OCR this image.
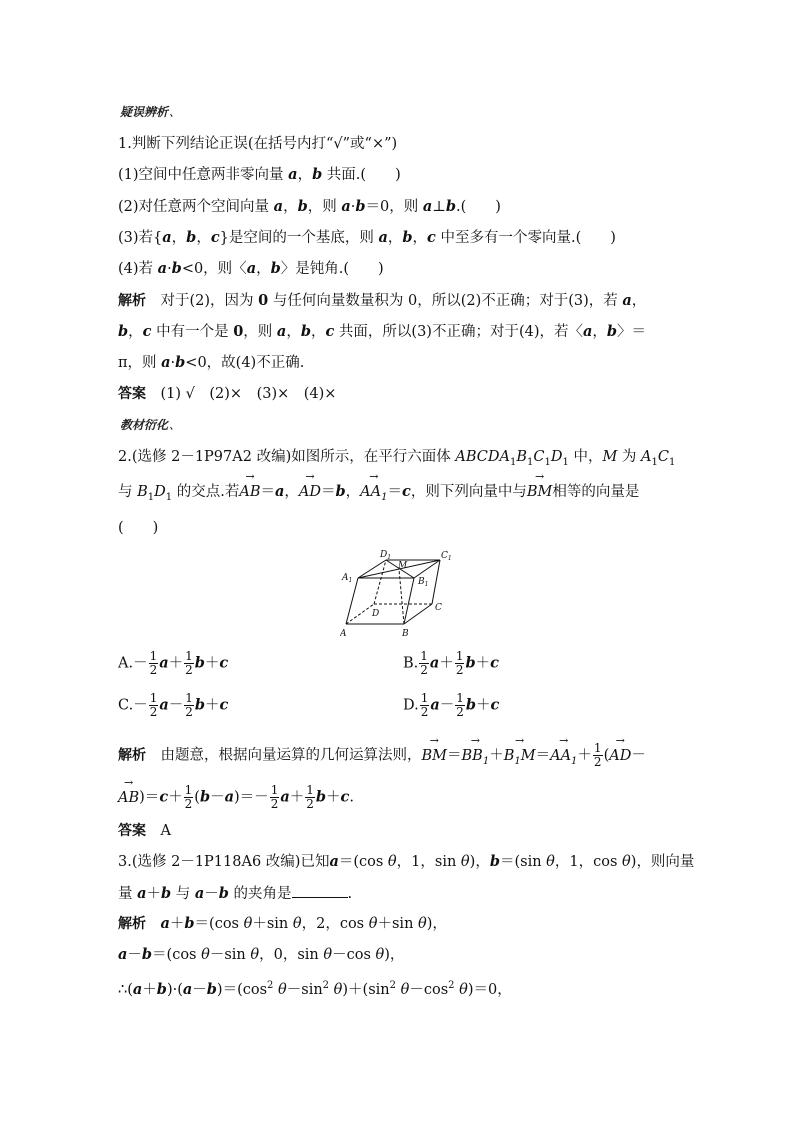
疑误辨析 、
1.判断下列结论正误(在括号内打“√”或“×”)
(1)空间中任意两非零向量 a，b 共面.(　　)
(2)对任意两个空间向量 a，b，则 a·b＝0，则 a⊥b.(　　)
(3)若{a，b，c}是空间的一个基底，则 a，b，c 中至多有一个零向量.(　　)
(4)若 a·b<0，则〈a，b〉是钝角.(　　)
解析　对于(2)，因为 0 与任何向量数量积为 0，所以(2)不正确；对于(3)，若 a，
b，c 中有一个是 0，则 a，b，c 共面，所以(3)不正确；对于(4)，若〈a，b〉＝
π，则 a·b<0，故(4)不正确.
答案　 (1) √　(2)×　(3)×　(4)×
教材衍化 、
2.(选修 2－1P97A2 改编)如图所示，在平行六面体 $ABCDA_1B_1C_1D_1$ 中，M 为 $A_1C_1$
与 $B_1D_1$ 的交点.若→ AB＝a，→ AD＝b，→ $AA_1=c$，则下列向量中与→ BM相等的向量是
(　　)
A	B
C
D
$A_1$	$B_1$
$C_1$
$D_1$
M
$A.- \frac{1}{2} a+ \frac{1}{2} b+c$	B. $\frac{1}{2} a+ \frac{1}{2} b+c$
$C.- \frac{1}{2} a- \frac{1}{2} b+c$	D. $\frac{1}{2} a- \frac{1}{2} b+c$
解析　 由题意，根据向量运算的几何运算法则，→ $BM=\to BB_1+\to B_1M=\to AA_1+ \frac{1}{2}$ (→ AD－
→ $AB)=c+ \frac{1}{2} (b-a)=- \frac{1}{2} a+ \frac{1}{2} b+c$.
答案　 A
3.(选修 2－1P118A6 改编)已知a＝(cos θ，1，sin θ)，b＝(sin θ，1，cos θ)，则向量
量 a＋b 与 a－b 的夹角是	.
解析　 a＋b＝(cos θ＋sin θ，2，cos θ＋sin θ)，
a－b＝(cos θ－sin θ，0，sin θ－cos θ)，
$\therefore(a+b)\cdot(a-b)=(\cos^2$ $\theta-\sin^2$ $\theta)+(\sin^2$ $\theta-\cos^2$ θ)＝0，
